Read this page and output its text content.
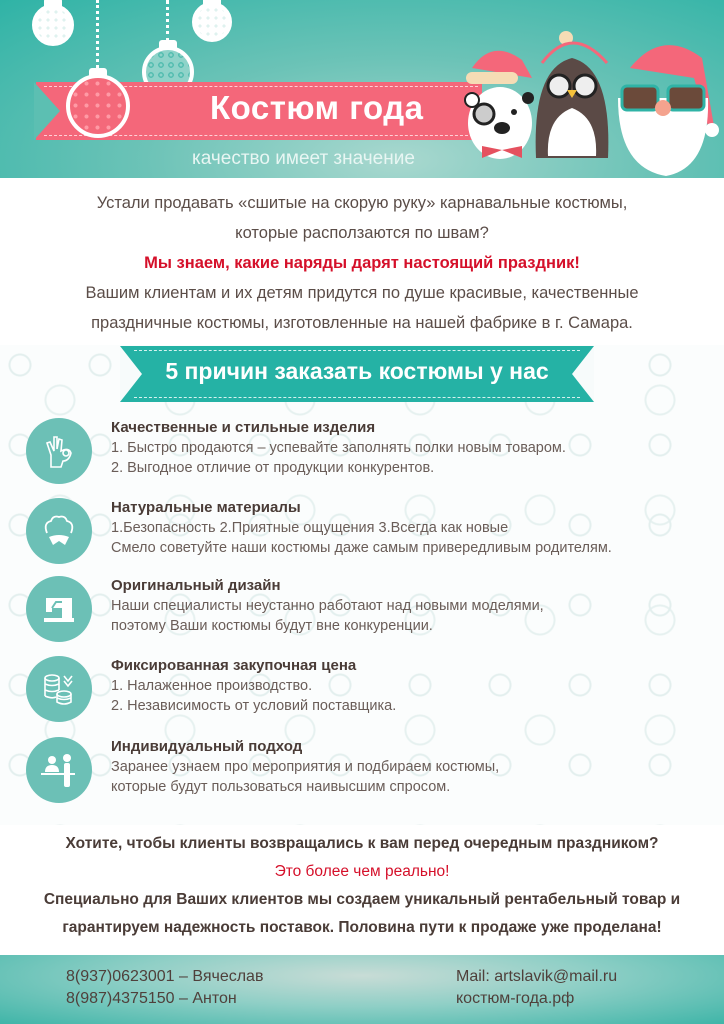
Костюм года
качество имеет значение
Устали продавать «сшитые на скорую руку» карнавальные костюмы,
которые расползаются по швам?
Мы знаем, какие наряды дарят настоящий праздник!
Вашим клиентам и их детям придутся по душе красивые, качественные
праздничные костюмы, изготовленные на нашей фабрике в г. Самара.
5 причин заказать костюмы у нас
Качественные и стильные изделия
1. Быстро продаются – успевайте заполнять полки новым товаром.
2. Выгодное отличие от продукции конкурентов.
Натуральные материалы
1.Безопасность 2.Приятные ощущения 3.Всегда как новые
Смело советуйте наши костюмы даже самым привередливым родителям.
Оригинальный дизайн
Наши специалисты неустанно работают над новыми моделями,
поэтому Ваши костюмы будут вне конкуренции.
Фиксированная закупочная цена
1. Налаженное производство.
2. Независимость от условий поставщика.
Индивидуальный подход
Заранее узнаем про мероприятия и подбираем костюмы,
которые будут пользоваться наивысшим спросом.
Хотите, чтобы клиенты возвращались к вам перед очередным праздником?
Это более чем реально!
Специально для Ваших клиентов мы создаем уникальный рентабельный товар и
гарантируем надежность поставок. Половина пути к продаже уже проделана!
8(937)0623001 – Вячеслав
8(987)4375150 – Антон
Mail: artslavik@mail.ru
костюм-года.рф
